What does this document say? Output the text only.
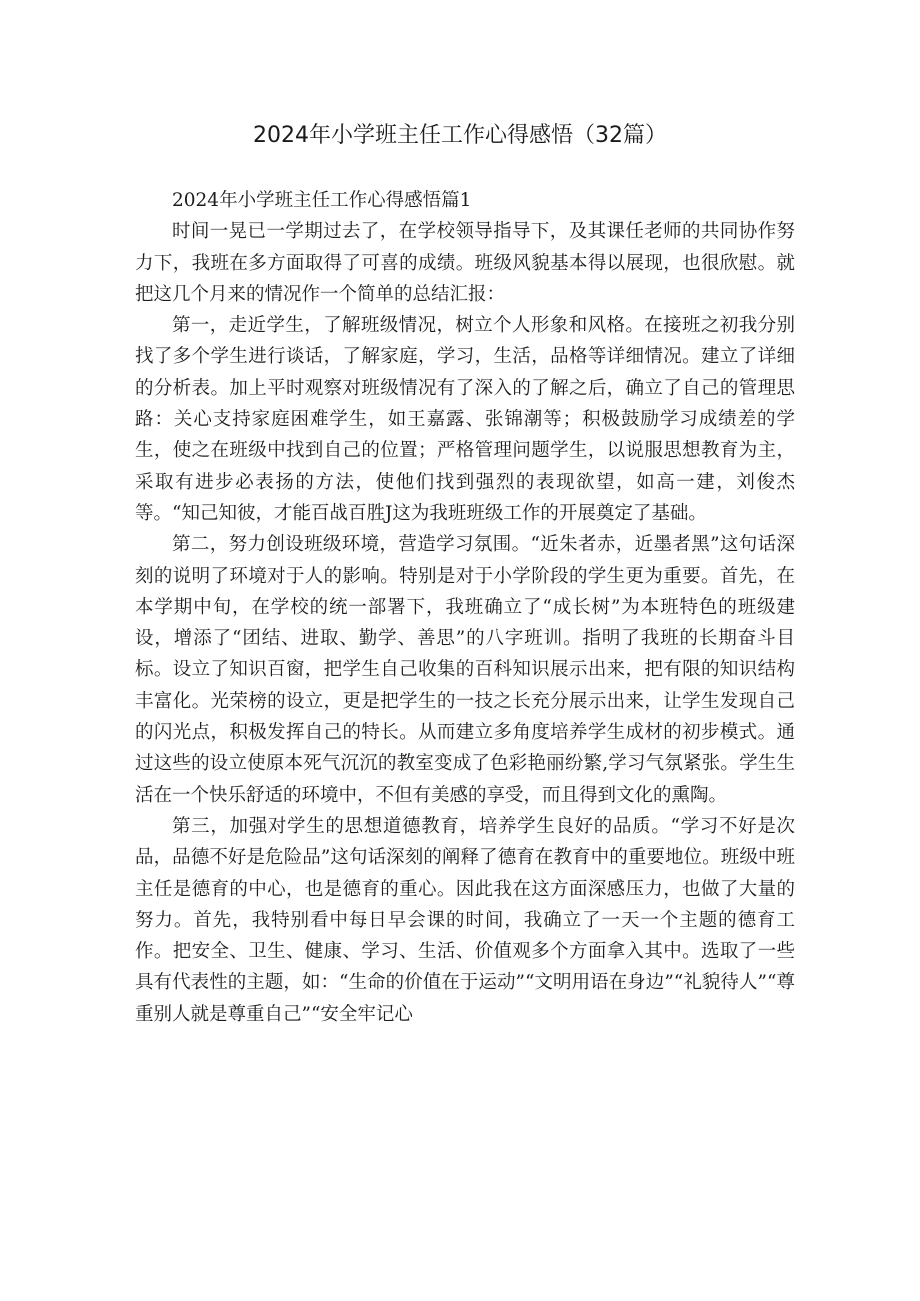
2024年小学班主任工作心得感悟（32篇）

2024年小学班主任工作心得感悟篇1

时间一晃已一学期过去了，在学校领导指导下，及其课任老师的共同协作努力下，我班在多方面取得了可喜的成绩。班级风貌基本得以展现，也很欣慰。就把这几个月来的情况作一个简单的总结汇报：

第一，走近学生，了解班级情况，树立个人形象和风格。在接班之初我分别找了多个学生进行谈话，了解家庭，学习，生活，品格等详细情况。建立了详细的分析表。加上平时观察对班级情况有了深入的了解之后，确立了自己的管理思路：关心支持家庭困难学生，如王嘉露、张锦潮等；积极鼓励学习成绩差的学生，使之在班级中找到自己的位置；严格管理问题学生，以说服思想教育为主，采取有进步必表扬的方法，使他们找到强烈的表现欲望，如高一建，刘俊杰等。“知己知彼，才能百战百胜J这为我班班级工作的开展奠定了基础。

第二，努力创设班级环境，营造学习氛围。“近朱者赤，近墨者黑”这句话深刻的说明了环境对于人的影响。特别是对于小学阶段的学生更为重要。首先，在本学期中旬，在学校的统一部署下，我班确立了“成长树”为本班特色的班级建设，增添了“团结、进取、勤学、善思”的八字班训。指明了我班的长期奋斗目标。设立了知识百窗，把学生自己收集的百科知识展示出来，把有限的知识结构丰富化。光荣榜的设立，更是把学生的一技之长充分展示出来，让学生发现自己的闪光点，积极发挥自己的特长。从而建立多角度培养学生成材的初步模式。通过这些的设立使原本死气沉沉的教室变成了色彩艳丽纷繁,学习气氛紧张。学生生活在一个快乐舒适的环境中，不但有美感的享受，而且得到文化的熏陶。

第三，加强对学生的思想道德教育，培养学生良好的品质。“学习不好是次品，品德不好是危险品”这句话深刻的阐释了德育在教育中的重要地位。班级中班主任是德育的中心，也是德育的重心。因此我在这方面深感压力，也做了大量的努力。首先，我特别看中每日早会课的时间，我确立了一天一个主题的德育工作。把安全、卫生、健康、学习、生活、价值观多个方面拿入其中。选取了一些具有代表性的主题，如：“生命的价值在于运动”“文明用语在身边”“礼貌待人”“尊重别人就是尊重自己”“安全牢记心
